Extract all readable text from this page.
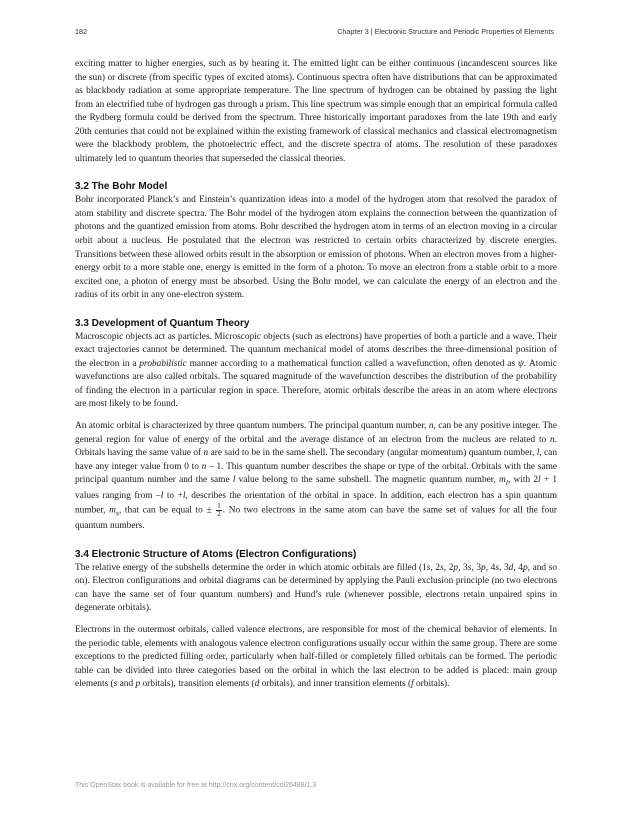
182	Chapter 3 | Electronic Structure and Periodic Properties of Elements

exciting matter to higher energies, such as by heating it. The emitted light can be either continuous (incandescent sources like the sun) or discrete (from specific types of excited atoms). Continuous spectra often have distributions that can be approximated as blackbody radiation at some appropriate temperature. The line spectrum of hydrogen can be obtained by passing the light from an electrified tube of hydrogen gas through a prism. This line spectrum was simple enough that an empirical formula called the Rydberg formula could be derived from the spectrum. Three historically important paradoxes from the late 19th and early 20th centuries that could not be explained within the existing framework of classical mechanics and classical electromagnetism were the blackbody problem, the photoelectric effect, and the discrete spectra of atoms. The resolution of these paradoxes ultimately led to quantum theories that superseded the classical theories.

3.2 The Bohr Model

Bohr incorporated Planck’s and Einstein’s quantization ideas into a model of the hydrogen atom that resolved the paradox of atom stability and discrete spectra. The Bohr model of the hydrogen atom explains the connection between the quantization of photons and the quantized emission from atoms. Bohr described the hydrogen atom in terms of an electron moving in a circular orbit about a nucleus. He postulated that the electron was restricted to certain orbits characterized by discrete energies. Transitions between these allowed orbits result in the absorption or emission of photons. When an electron moves from a higher-energy orbit to a more stable one, energy is emitted in the form of a photon. To move an electron from a stable orbit to a more excited one, a photon of energy must be absorbed. Using the Bohr model, we can calculate the energy of an electron and the radius of its orbit in any one-electron system.

3.3 Development of Quantum Theory

Macroscopic objects act as particles. Microscopic objects (such as electrons) have properties of both a particle and a wave. Their exact trajectories cannot be determined. The quantum mechanical model of atoms describes the three-dimensional position of the electron in a probabilistic manner according to a mathematical function called a wavefunction, often denoted as ψ. Atomic wavefunctions are also called orbitals. The squared magnitude of the wavefunction describes the distribution of the probability of finding the electron in a particular region in space. Therefore, atomic orbitals describe the areas in an atom where electrons are most likely to be found.

An atomic orbital is characterized by three quantum numbers. The principal quantum number, n, can be any positive integer. The general region for value of energy of the orbital and the average distance of an electron from the nucleus are related to n. Orbitals having the same value of n are said to be in the same shell. The secondary (angular momentum) quantum number, l, can have any integer value from 0 to n – 1. This quantum number describes the shape or type of the orbital. Orbitals with the same principal quantum number and the same l value belong to the same subshell. The magnetic quantum number, $m_l$, with 2l + 1 values ranging from –l to +l, describes the orientation of the orbital in space. In addition, each electron has a spin quantum number, $m_s$, that can be equal to ± $\frac{1}{2}$ . No two electrons in the same atom can have the same set of values for all the four quantum numbers.

3.4 Electronic Structure of Atoms (Electron Configurations)

The relative energy of the subshells determine the order in which atomic orbitals are filled (1s, 2s, 2p, 3s, 3p, 4s, 3d, 4p, and so on). Electron configurations and orbital diagrams can be determined by applying the Pauli exclusion principle (no two electrons can have the same set of four quantum numbers) and Hund’s rule (whenever possible, electrons retain unpaired spins in degenerate orbitals).

Electrons in the outermost orbitals, called valence electrons, are responsible for most of the chemical behavior of elements. In the periodic table, elements with analogous valence electron configurations usually occur within the same group. There are some exceptions to the predicted filling order, particularly when half-filled or completely filled orbitals can be formed. The periodic table can be divided into three categories based on the orbital in which the last electron to be added is placed: main group elements (s and p orbitals), transition elements (d orbitals), and inner transition elements (f orbitals).

This OpenStax book is available for free at http://cnx.org/content/col26488/1.3
